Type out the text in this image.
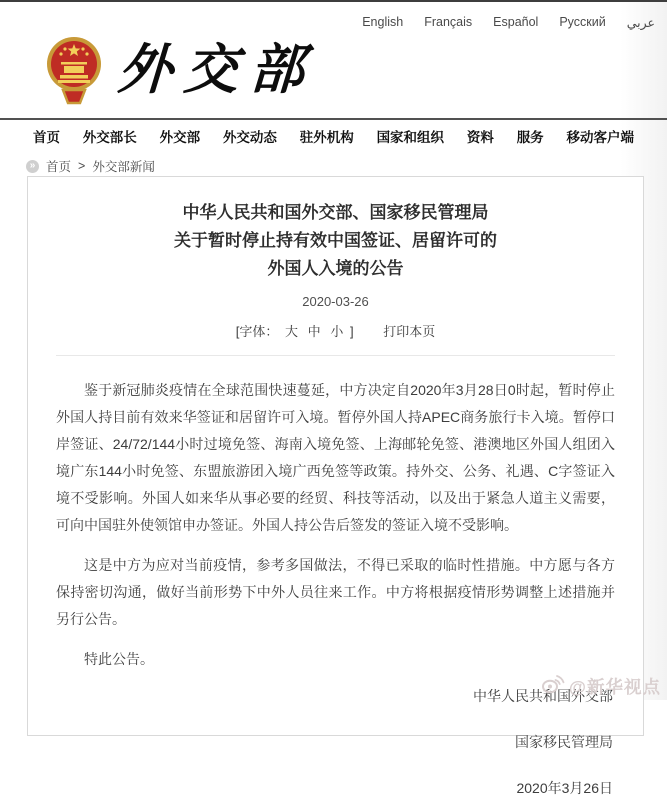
外交部
English Français Español Русский عربي
首页 外交部长 外交部 外交动态 驻外机构 国家和组织 资料 服务 移动客户端
» 首页 > 外交部新闻
中华人民共和国外交部、国家移民管理局
关于暂时停止持有效中国签证、居留许可的
外国人入境的公告
2020-03-26
[字体： 大 中 小 ] 打印本页

鉴于新冠肺炎疫情在全球范围快速蔓延，中方决定自2020年3月28日0时起，暂时停止外国人持目前有效来华签证和居留许可入境。暂停外国人持APEC商务旅行卡入境。暂停口岸签证、24/72/144小时过境免签、海南入境免签、上海邮轮免签、港澳地区外国人组团入境广东144小时免签、东盟旅游团入境广西免签等政策。持外交、公务、礼遇、C字签证入境不受影响。外国人如来华从事必要的经贸、科技等活动，以及出于紧急人道主义需要，可向中国驻外使领馆申办签证。外国人持公告后签发的签证入境不受影响。

这是中方为应对当前疫情，参考多国做法，不得已采取的临时性措施。中方愿与各方保持密切沟通，做好当前形势下中外人员往来工作。中方将根据疫情形势调整上述措施并另行公告。

特此公告。

中华人民共和国外交部
国家移民管理局
2020年3月26日
@新华视点
